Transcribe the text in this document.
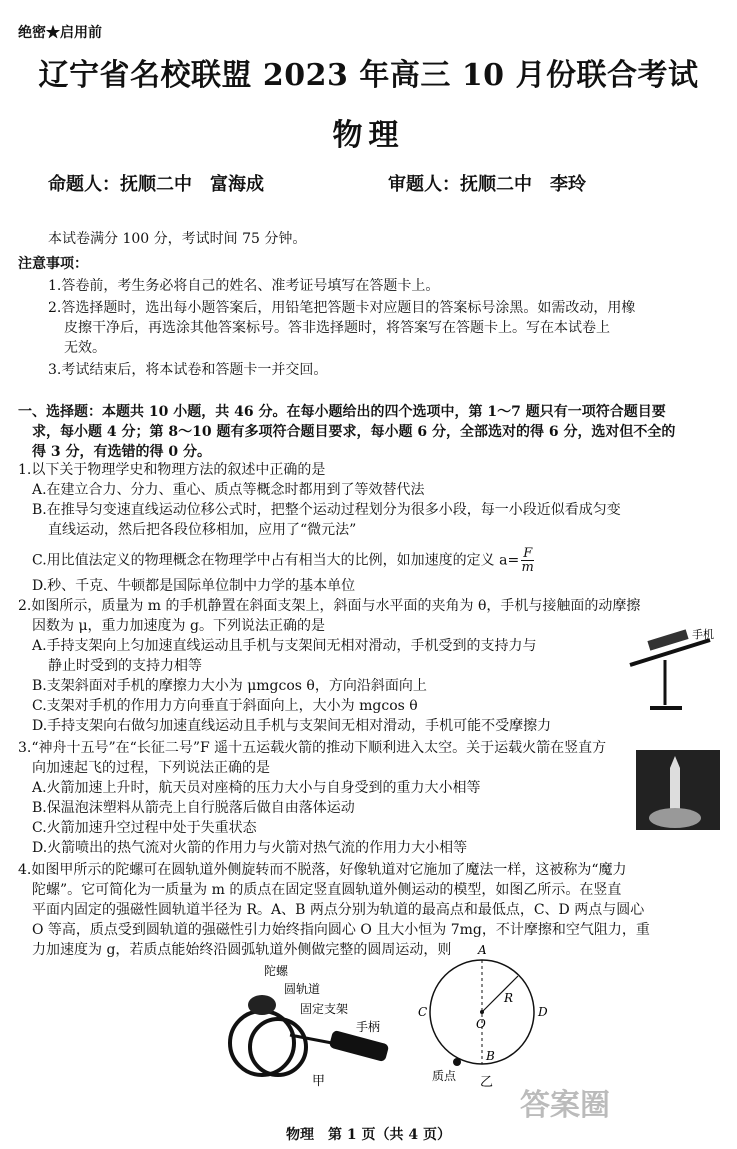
绝密★启用前
辽宁省名校联盟 2023 年高三 10 月份联合考试
物理
命题人：抚顺二中　富海成	审题人：抚顺二中　李玲
本试卷满分 100 分，考试时间 75 分钟。
注意事项：
1.答卷前，考生务必将自己的姓名、准考证号填写在答题卡上。
2.答选择题时，选出每小题答案后，用铅笔把答题卡对应题目的答案标号涂黑。如需改动，用橡
皮擦干净后，再选涂其他答案标号。答非选择题时，将答案写在答题卡上。写在本试卷上
无效。
3.考试结束后，将本试卷和答题卡一并交回。
一、选择题：本题共 10 小题，共 46 分。在每小题给出的四个选项中，第 1～7 题只有一项符合题目要
求，每小题 4 分；第 8～10 题有多项符合题目要求，每小题 6 分，全部选对的得 6 分，选对但不全的
得 3 分，有选错的得 0 分。
1.以下关于物理学史和物理方法的叙述中正确的是
A.在建立合力、分力、重心、质点等概念时都用到了等效替代法
B.在推导匀变速直线运动位移公式时，把整个运动过程划分为很多小段，每一小段近似看成匀变
直线运动，然后把各段位移相加，应用了“微元法”
C.用比值法定义的物理概念在物理学中占有相当大的比例，如加速度的定义 $a= \frac{F}{m}$
D.秒、千克、牛顿都是国际单位制中力学的基本单位
2.如图所示，质量为 m 的手机静置在斜面支架上，斜面与水平面的夹角为 θ，手机与接触面的动摩擦
因数为 μ，重力加速度为 g。下列说法正确的是
A.手持支架向上匀加速直线运动且手机与支架间无相对滑动，手机受到的支持力与
静止时受到的支持力相等
B.支架斜面对手机的摩擦力大小为 μmgcos θ，方向沿斜面向上
C.支架对手机的作用力方向垂直于斜面向上，大小为 mgcos θ
D.手持支架向右做匀加速直线运动且手机与支架间无相对滑动，手机可能不受摩擦力
手机
3.“神舟十五号”在“长征二号”F 遥十五运载火箭的推动下顺利进入太空。关于运载火箭在竖直方
向加速起飞的过程，下列说法正确的是
A.火箭加速上升时，航天员对座椅的压力大小与自身受到的重力大小相等
B.保温泡沫塑料从箭壳上自行脱落后做自由落体运动
C.火箭加速升空过程中处于失重状态
D.火箭喷出的热气流对火箭的作用力与火箭对热气流的作用力大小相等
4.如图甲所示的陀螺可在圆轨道外侧旋转而不脱落，好像轨道对它施加了魔法一样，这被称为“魔力
陀螺”。它可简化为一质量为 m 的质点在固定竖直圆轨道外侧运动的模型，如图乙所示。在竖直
平面内固定的强磁性圆轨道半径为 R。A、B 两点分别为轨道的最高点和最低点，C、D 两点与圆心
O 等高，质点受到圆轨道的强磁性引力始终指向圆心 O 且大小恒为 7mg，不计摩擦和空气阻力，重
力加速度为 g，若质点能始终沿圆弧轨道外侧做完整的圆周运动，则
陀螺
圆轨道
固定支架
手柄
甲
A
B
C	D
O
R
质点 乙
答案圈
物理　第 1 页（共 4 页）
